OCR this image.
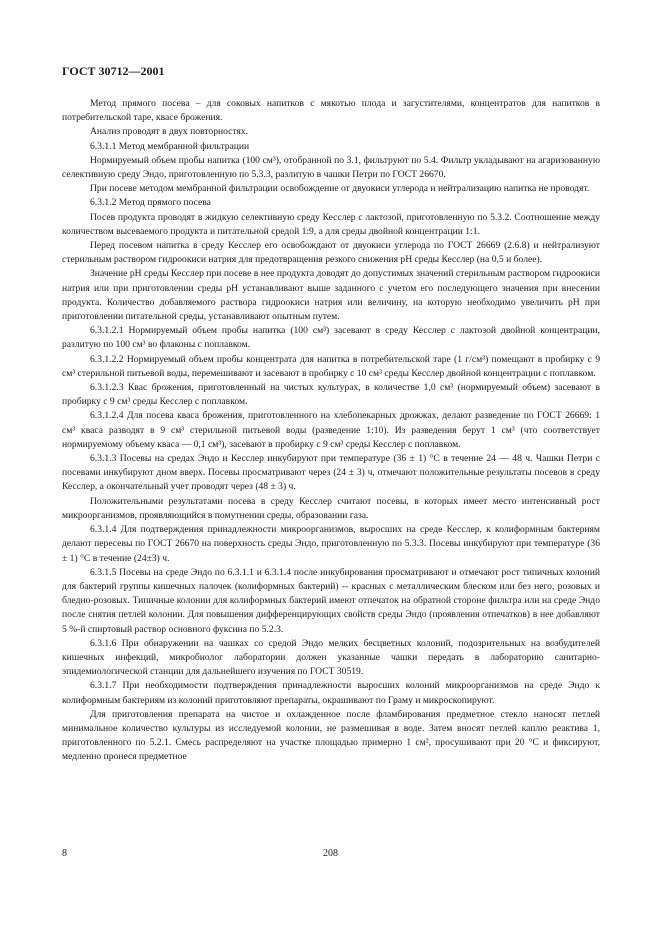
ГОСТ 30712—2001

Метод прямого посева – для соковых напитков с мякотью плода и загустителями, концентратов для напитков в потребительской таре, квасе брожения.

Анализ проводят в двух повторностях.

6.3.1.1 Метод мембранной фильтрации

Нормируемый объем пробы напитка (100 см³), отобранной по 3.1, фильтруют по 5.4. Фильтр укладывают на агаризованную селективную среду Эндо, приготовленную по 5.3.3, разлитую в чашки Петри по ГОСТ 26670.

При посеве методом мембранной фильтрации освобождение от двуокиси углерода и нейтрализацию напитка не проводят.

6.3.1.2 Метод прямого посева

Посев продукта проводят в жидкую селективную среду Кесслер с лактозой, приготовленную по 5.3.2. Соотношение между количеством высеваемого продукта и питательной средой 1:9, а для среды двойной концентрации 1:1.

Перед посевом напитка в среду Кесслер его освобождают от двуокиси углерода по ГОСТ 26669 (2.6.8) и нейтрализуют стерильным раствором гидроокиси натрия для предотвращения резкого снижения рН среды Кесслер (на 0,5 и более).

Значение рН среды Кесслер при посеве в нее продукта доводят до допустимых значений стерильным раствором гидроокиси натрия или при приготовлении среды рН устанавливают выше заданного с учетом его последующего значения при внесении продукта. Количество добавляемого раствора гидроокиси натрия или величину, на которую необходимо увеличить рН при приготовлении питательной среды, устанавливают опытным путем.

6.3.1.2.1 Нормируемый объем пробы напитка (100 см³) засевают в среду Кесслер с лактозой двойной концентрации, разлитую по 100 см³ во флаконы с поплавком.

6.3.1.2.2 Нормируемый объем пробы концентрата для напитка в потребительской таре (1 г/см³) помещают в пробирку с 9 см³ стерильной питьевой воды, перемешивают и засевают в пробирку с 10 см³ среды Кесслер двойной концентрации с поплавком.

6.3.1.2.3 Квас брожения, приготовленный на чистых культурах, в количестве 1,0 см³ (нормируемый объем) засевают в пробирку с 9 см³ среды Кесслер с поплавком.

6.3.1.2.4 Для посева кваса брожения, приготовленного на хлебопекарных дрожжах, делают разведение по ГОСТ 26669: 1 см³ кваса разводят в 9 см³ стерильной питьевой воды (разведение 1:10). Из разведения берут 1 см³ (что соответствует нормируемому объему кваса — 0,1 см³), засевают в пробирку с 9 см³ среды Кесслер с поплавком.

6.3.1.3 Посевы на средах Эндо и Кесслер инкубируют при температуре (36 ± 1) °С в течение 24 — 48 ч. Чашки Петри с посевами инкубируют дном вверх. Посевы просматривают через (24 ± 3) ч, отмечают положительные результаты посевов в среду Кесслер, а окончательный учет проводят через (48 ± 3) ч.

Положительными результатами посева в среду Кесслер считают посевы, в которых имеет место интенсивный рост микроорганизмов, проявляющийся в помутнении среды, образовании газа.

6.3.1.4 Для подтверждения принадлежности микроорганизмов, выросших на среде Кесслер, к колиформным бактериям делают пересевы по ГОСТ 26670 на поверхность среды Эндо, приготовленную по 5.3.3. Посевы инкубируют при температуре (36 ± 1) °С в течение (24±3) ч.

6.3.1.5 Посевы на среде Эндо по 6.3.1.1 и 6.3.1.4 после инкубирования просматривают и отмечают рост типичных колоний для бактерий группы кишечных палочек (колиформных бактерий) -- красных с металлическим блеском или без него, розовых и бледно-розовых. Типичные колонии для колиформных бактерий имеют отпечаток на обратной стороне фильтра или на среде Эндо после снятия петлей колонии. Для повышения дифференцирующих свойств среды Эндо (проявления отпечатков) в нее добавляют 5 %-й спиртовый раствор основного фуксина по 5.2.3.

6.3.1.6 При обнаружении на чашках со средой Эндо мелких бесцветных колоний, подозрительных на возбудителей кишечных инфекций, микробиолог лаборатории должен указанные чашки передать в лабораторию санитарно-эпидемиологической станции для дальнейшего изучения по ГОСТ 30519.

6.3.1.7 При необходимости подтверждения принадлежности выросших колоний микроорганизмов на среде Эндо к колиформным бактериям из колоний приготовляют препараты, окрашивают по Граму и микроскопируют.

Для приготовления препарата на чистое и охлажденное после фламбирования предметное стекло наносят петлей минимальное количество культуры из исследуемой колонии, не размешивая в воде. Затем вносят петлей каплю реактива 1, приготовленного по 5.2.1. Смесь распределяют на участке площадью примерно 1 см², просушивают при 20 °С и фиксируют, медленно пронеся предметное

8	208
